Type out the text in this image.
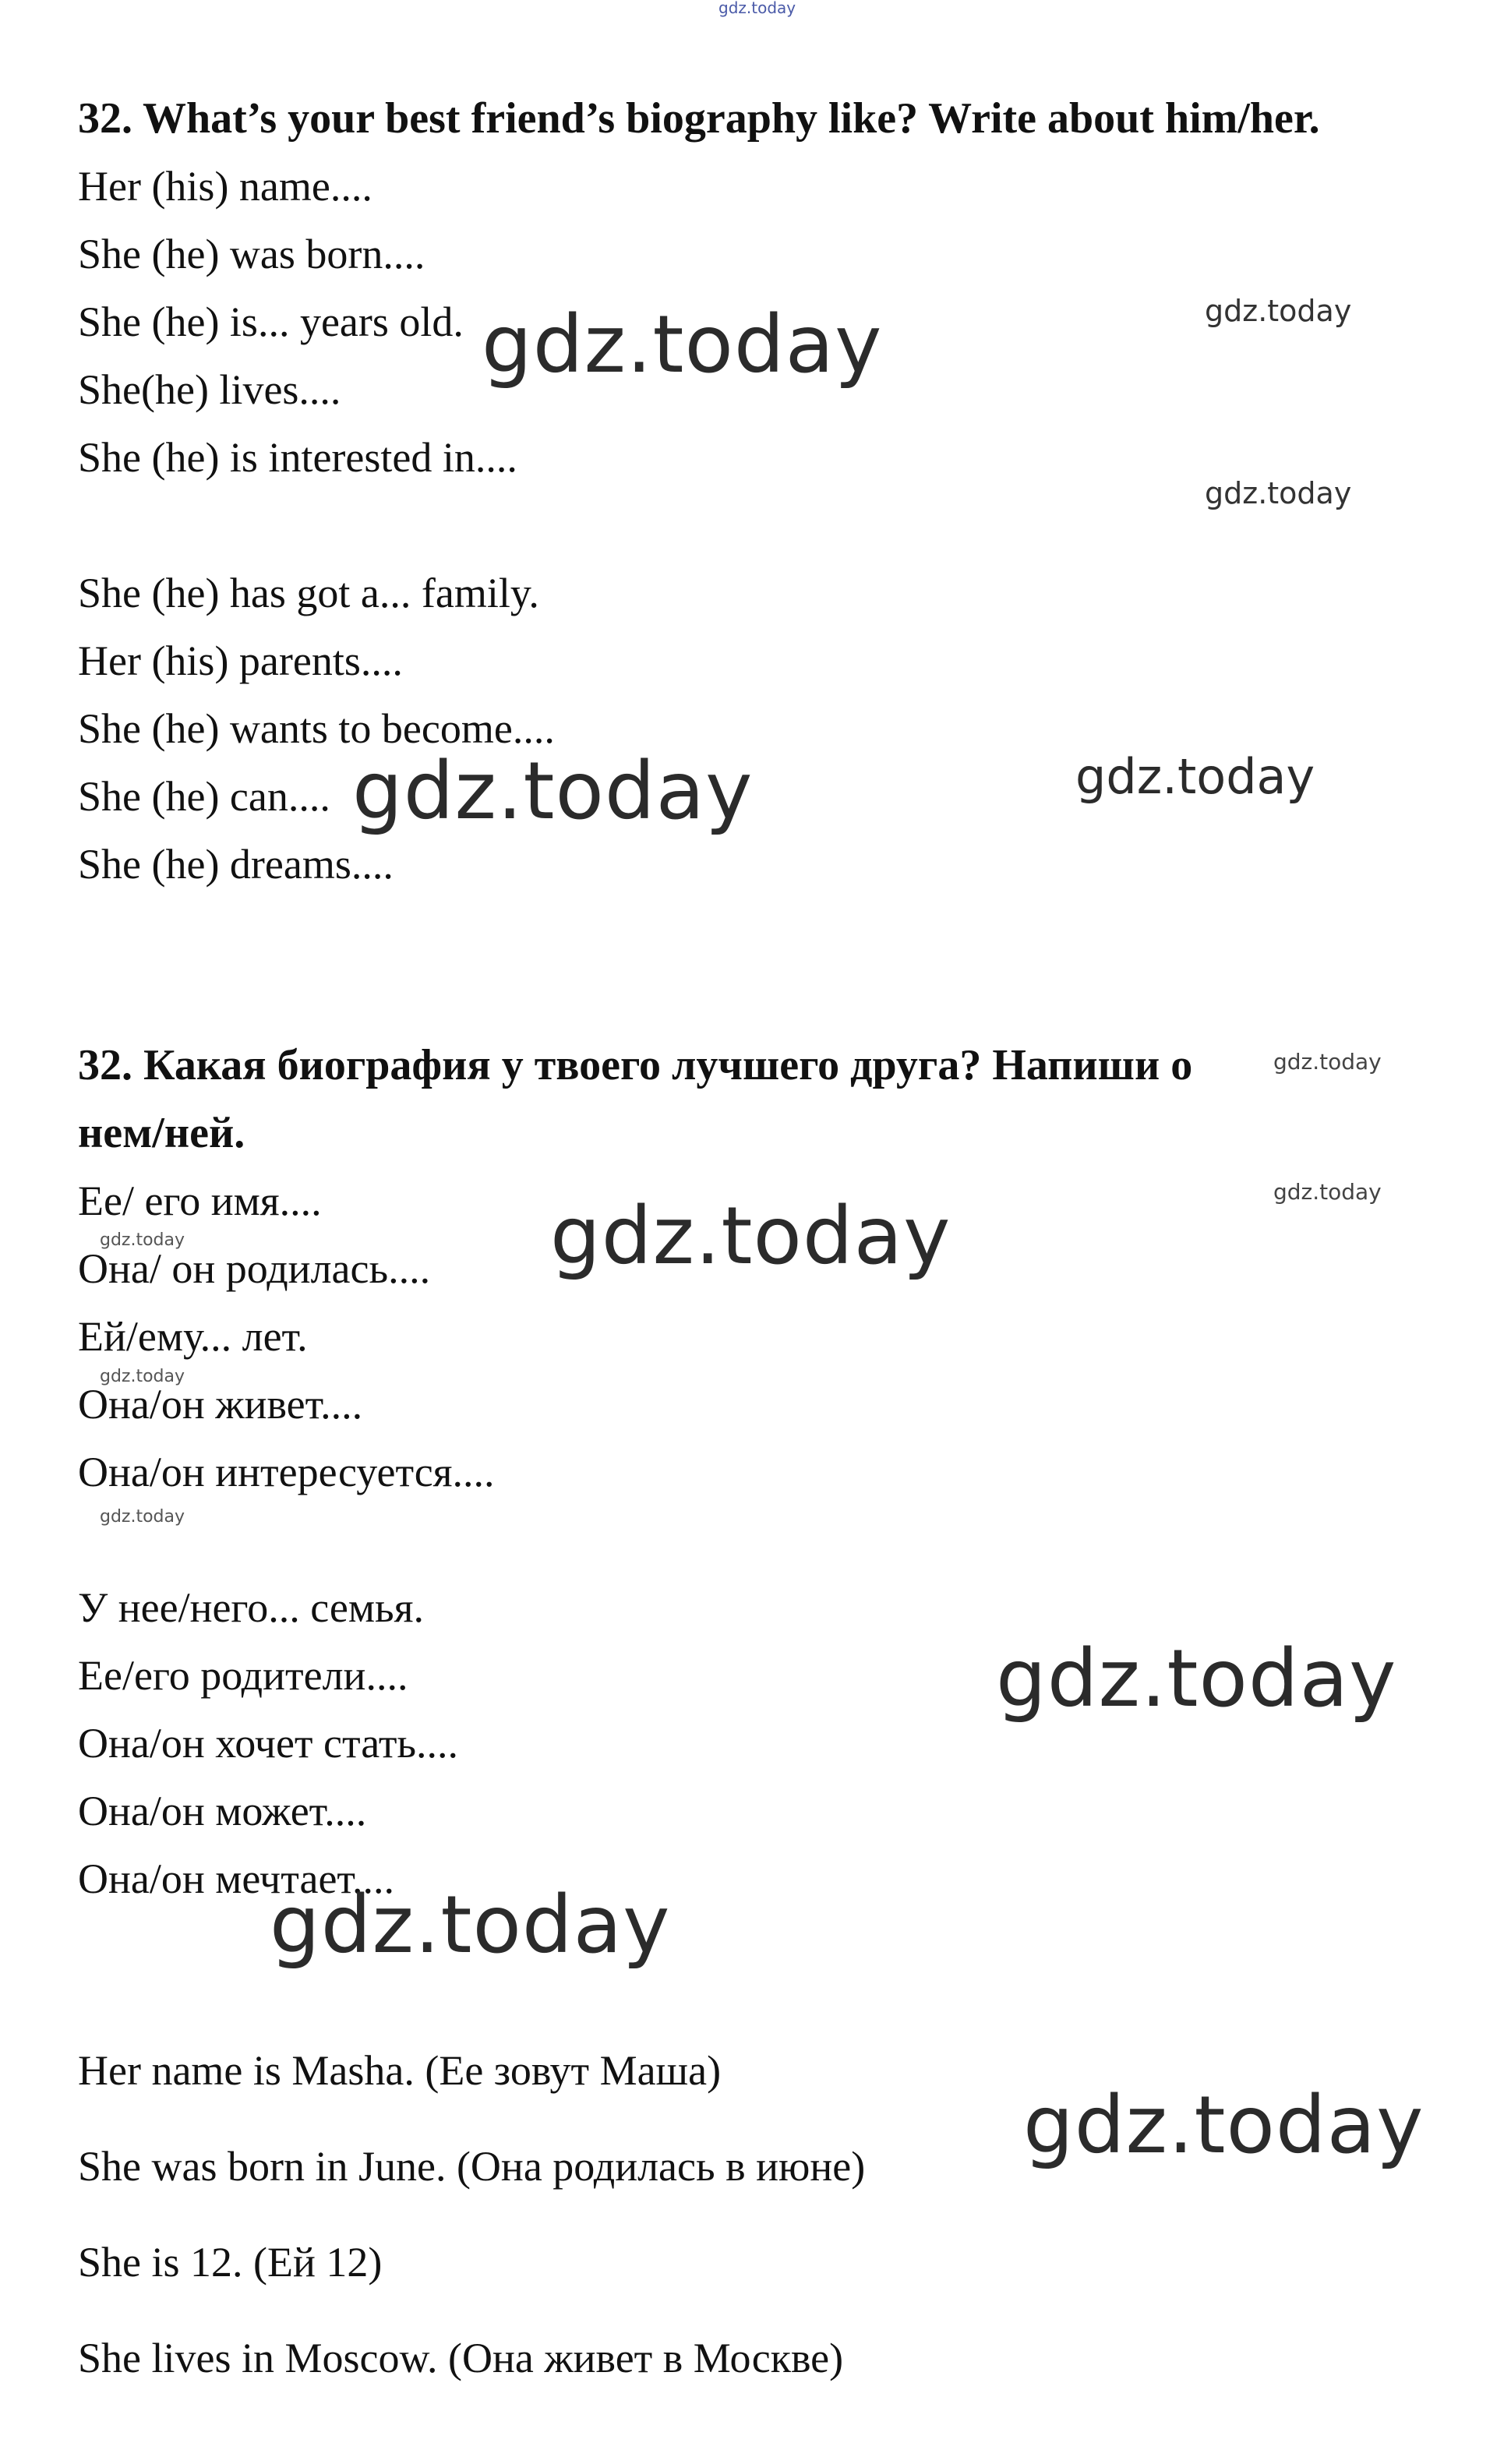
gdz.today
32. What’s your best friend’s biography like? Write about him/her.
Her (his) name....
She (he) was born....
She (he) is... years old.
She(he) lives....
She (he) is interested in....
She (he) has got a... family.
Her (his) parents....
She (he) wants to become....
She (he) can....
She (he) dreams....
32. Какая биография у твоего лучшего друга? Напиши о
нем/ней.
Ее/ его имя....
Она/ он родилась....
Ей/ему... лет.
Она/он живет....
Она/он интересуется....
У нее/него... семья.
Ее/его родители....
Она/он хочет стать....
Она/он может....
Она/он мечтает....
Her name is Masha. (Ее зовут Маша)
She was born in June. (Она родилась в июне)
She is 12. (Ей 12)
She lives in Moscow. (Она живет в Москве)
gdz.today
gdz.today
gdz.today
gdz.today
gdz.today
gdz.today
gdz.today
gdz.today
gdz.today
gdz.today
gdz.today
gdz.today
gdz.today
gdz.today
